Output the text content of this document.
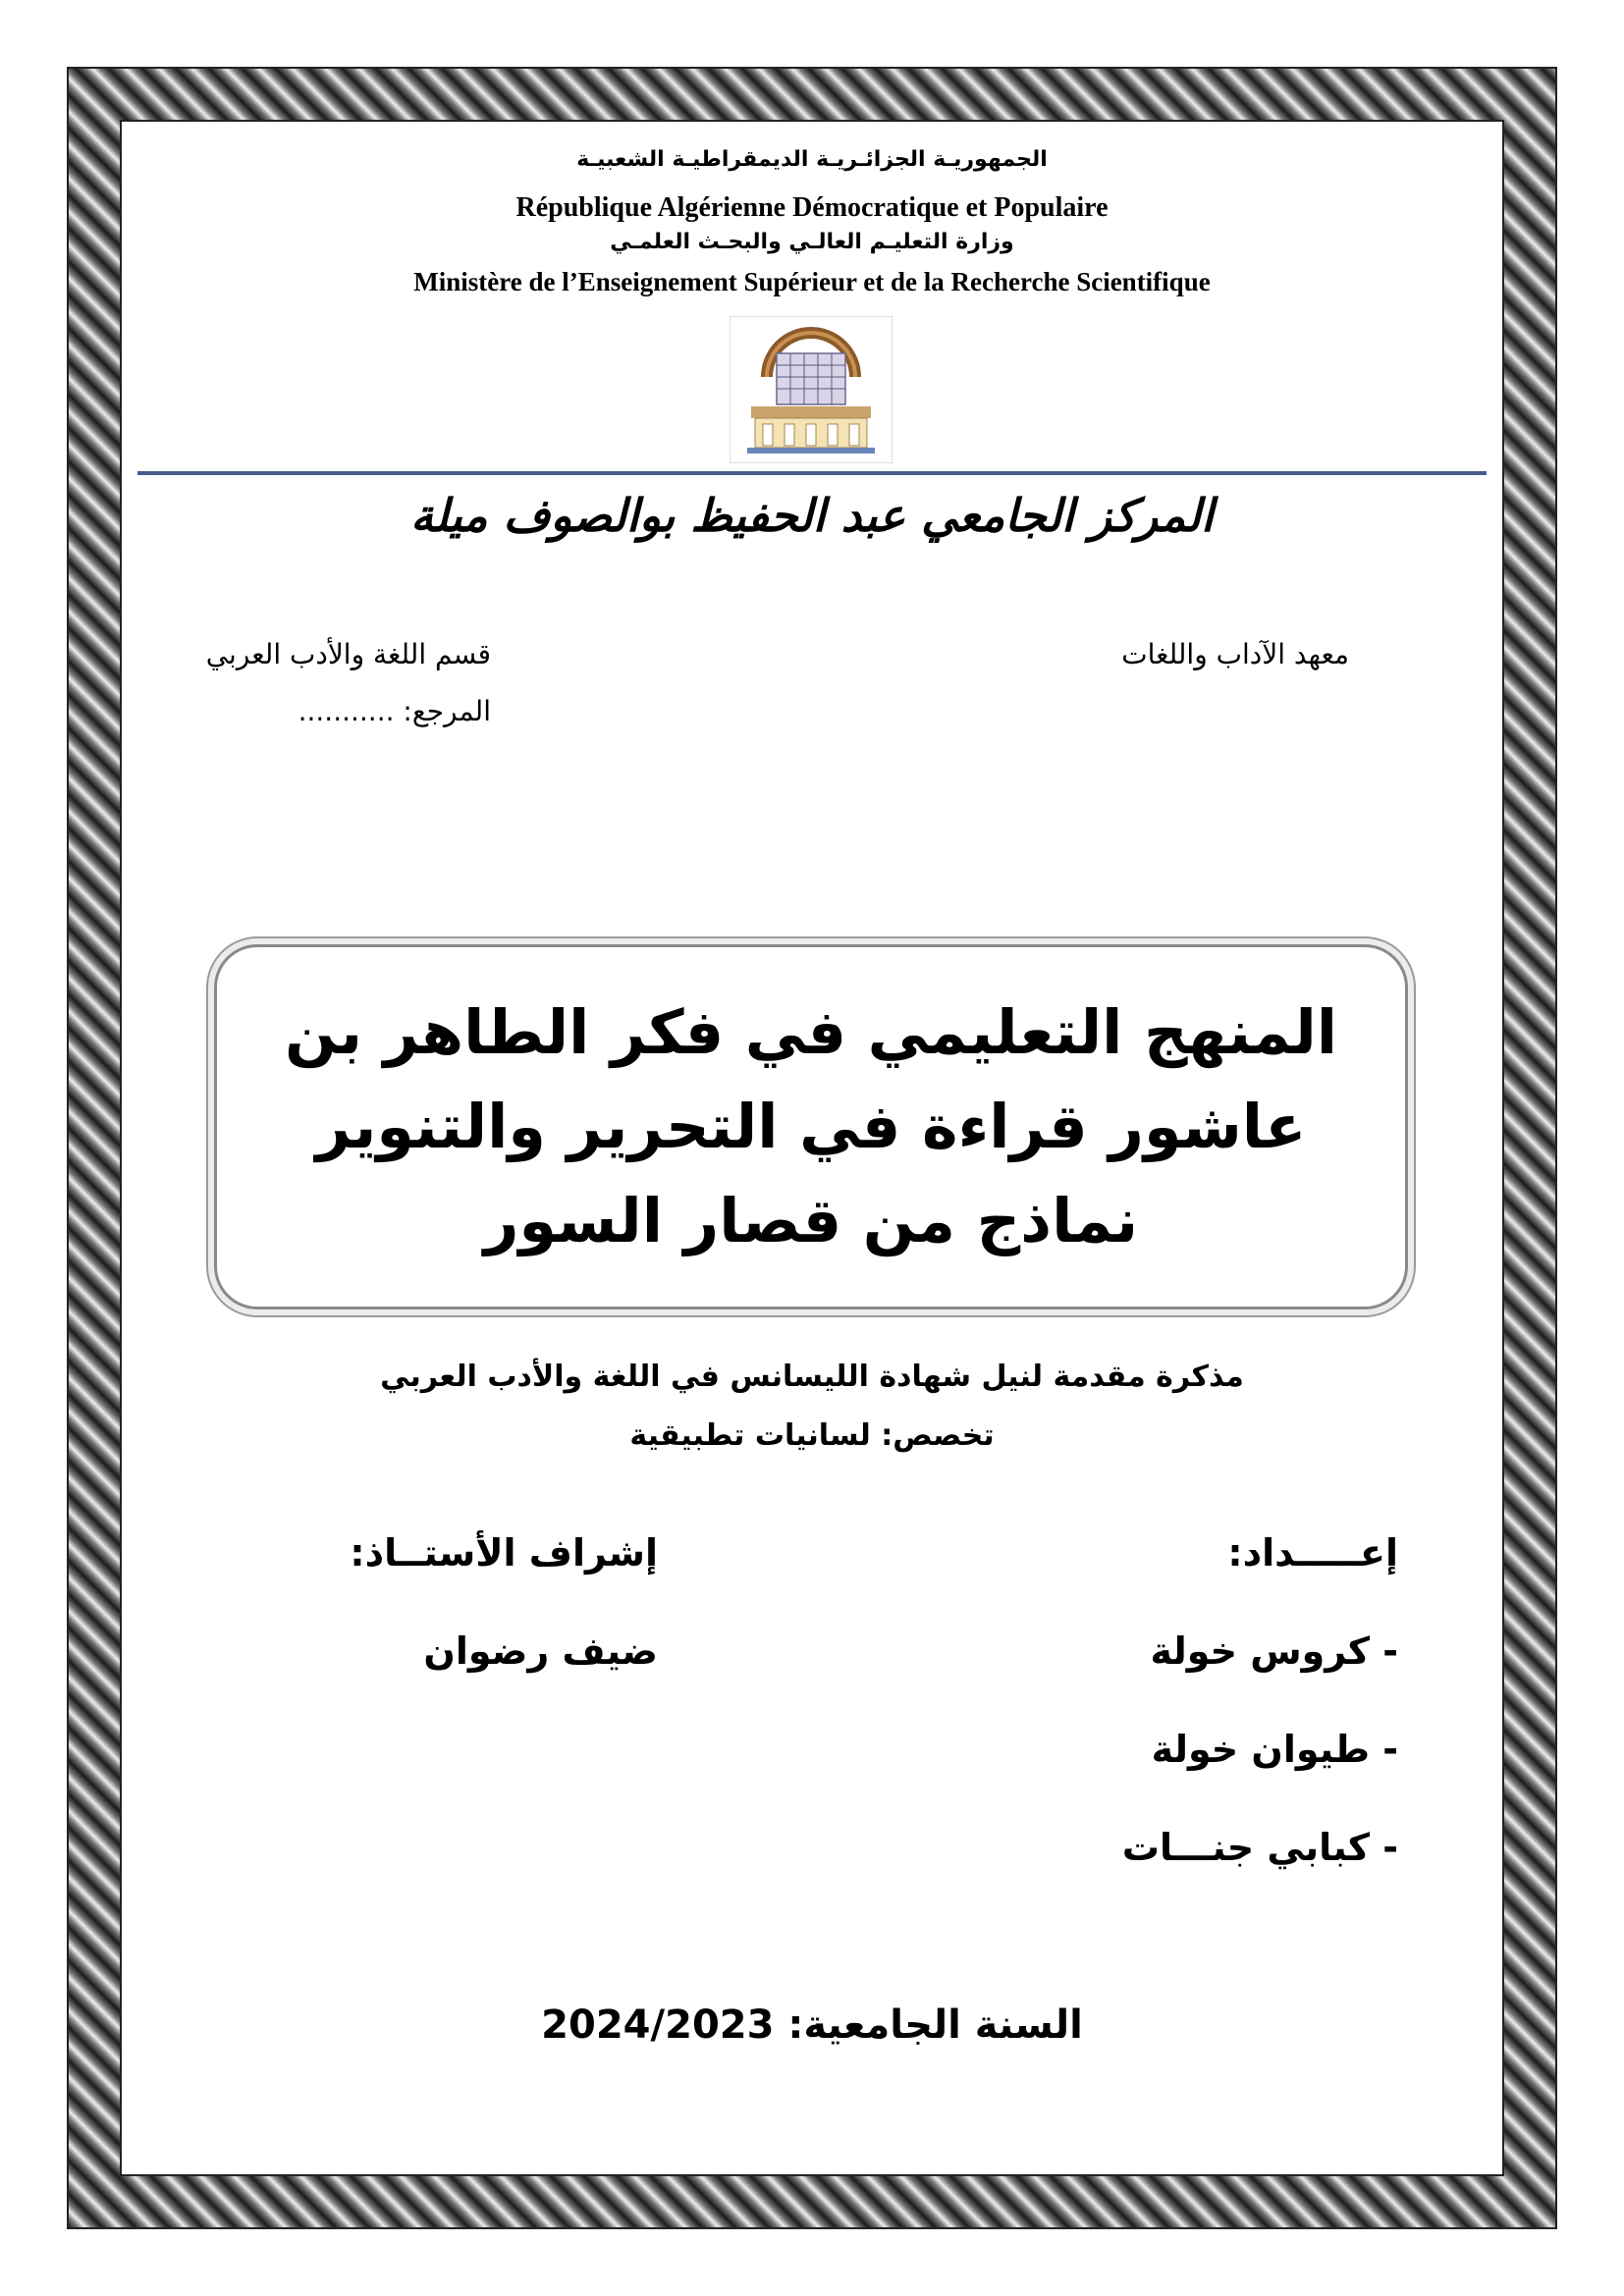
الجمهوريـة الجزائـريـة الديمقراطيـة الشعبيـة
République Algérienne Démocratique et Populaire
وزارة التعليـم العالـي والبحـث العلمـي
Ministère de l’Enseignement Supérieur et de la Recherche Scientifique
المركز الجامعي عبد الحفيظ بوالصوف ميلة
معهد الآداب واللغات
قسم اللغة والأدب العربي
المرجع: ...........
المنهج التعليمي في فكر الطاهر بن عاشور قراءة في التحرير والتنوير نماذج من قصار السور
مذكرة مقدمة لنيل شهادة الليسانس في اللغة والأدب العربي
تخصص: لسانيات تطبيقية
إعـــــداد:
إشراف الأستــاذ:
- كروس خولة
- طيوان خولة
- كبابي جنـــات
ضيف رضوان
السنة الجامعية: 2024/2023
